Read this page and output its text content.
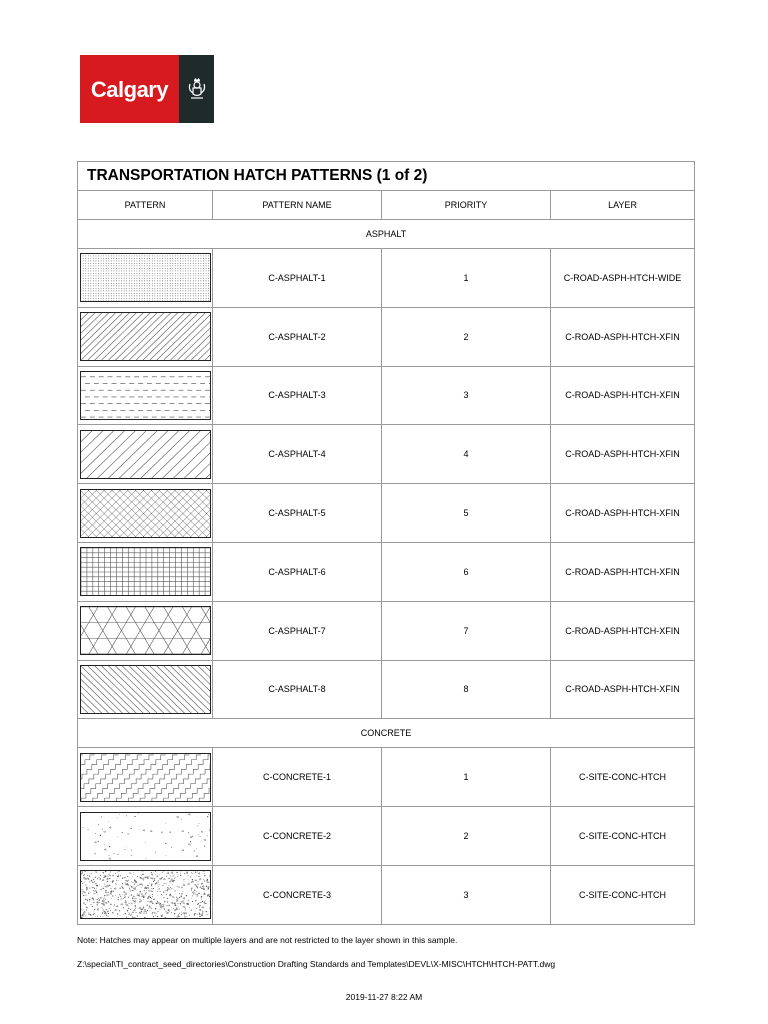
Calgary
TRANSPORTATION HATCH PATTERNS (1 of 2)			
PATTERN	PATTERN NAME	PRIORITY	LAYER
ASPHALT			

	C-ASPHALT-1	1	C-ROAD-ASPH-HTCH-WIDE

	C-ASPHALT-2	2	C-ROAD-ASPH-HTCH-XFIN

	C-ASPHALT-3	3	C-ROAD-ASPH-HTCH-XFIN

	C-ASPHALT-4	4	C-ROAD-ASPH-HTCH-XFIN

	C-ASPHALT-5	5	C-ROAD-ASPH-HTCH-XFIN

	C-ASPHALT-6	6	C-ROAD-ASPH-HTCH-XFIN

	C-ASPHALT-7	7	C-ROAD-ASPH-HTCH-XFIN

	C-ASPHALT-8	8	C-ROAD-ASPH-HTCH-XFIN
CONCRETE			

	C-CONCRETE-1	1	C-SITE-CONC-HTCH

	C-CONCRETE-2	2	C-SITE-CONC-HTCH

	C-CONCRETE-3	3	C-SITE-CONC-HTCH
Note: Hatches may appear on multiple layers and are not restricted to the layer shown in this sample.
Z:\special\TI_contract_seed_directories\Construction Drafting Standards and Templates\DEVL\X-MISC\HTCH\HTCH-PATT.dwg
2019-11-27 8:22 AM
